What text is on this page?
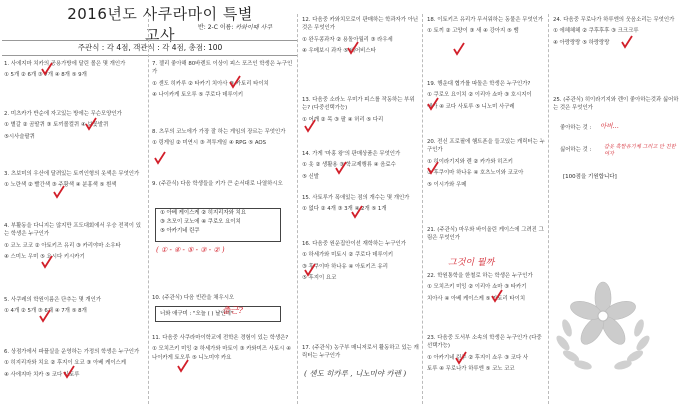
2016년도 사쿠라마이 특별고사	반: 2-C 이름: 카와이때 사쿠
주관식 : 각 4점, 객관식 : 각 4점, 총점: 100
1. 사에지마 치카의 공용가방에 달린 볼은 몇 개인가
① 5개 ② 6개 ③ 7개 ④ 8개 ⑤ 9개
2. 미츠카가 반순에 자고있는 방에는 무슨모양인가
① 별갈 ② 곰딸퀴 ③ 토끼볼컬퀴 ④ 보꽃발퀴
⑤시사슬팔퀴
3. 츠보미의 우산에 달려있는 토끼인형의 옷색은 무엇인가
① 노란색 ② 빨간색 ③ 주황색 ④ 분홍색 ⑤ 흰색
4. 부활동을 다니지는 않지만 프도대회에서 우승 전적이 있는 학생은 누구인가
① 코노 코코 ② 아토키즈 유리 ③ 카리야마 소우타
④ 스미노 우미 ⑤ 요시다 키시카기
5. 사쿠레의 학원이름은 단추는 몇 개인가
① 4개 ② 5개 ③ 6개 ④ 7개 ⑤ 8개
6. 상점가에서 파플실을 운영하는 가정의 학생은 누구인가
① 히지리자와 치요 ② 후지이 요코 ③ 아베 케이스케
④ 사에지마 치카 ⑤ 코다 사토루
7. 젤리 좋아해 80바렌트 이상이 피스 포즈인 학생은 누구인가
① 센도 히카루 ② 타카기 치아사 ③ 카토리 타이치
④ 나이카게 토오루 ⑤ 쿠로다 데루이키
8. 츠무의 코노에가 가장 잘 하는 게임의 장르는 무엇인가
① 링게임 ② 미연시 ③ 격투게임 ④ RPG ⑤ AOS
9. (주관식) 다음 학생들을 키가 큰 순서대로 나열하시오
① 아베 케이스케 ② 히지리자와 치요
③ 츠모이 코노에 ④ 쿠로오 요이치
⑤ 아카기네 린쿠
( ① - ④ - ⑤ - ③ - ② )
10. (주관식) 다음 빈칸을 채우시오
너와 애구미 : "오늘 ( ) 날인데"
출근?
11. 다음중 사쿠라마이학교에 전학온 경험이 있는 학생은?
① 모치즈키 미잉 ② 하세가와 마토이 ③ 카와미즈 사토시 ④ 나이카게 토오루 ⑤ 니노미야 카요
12. 다음중 카와치모로이 판매하는 학과자가 아닌 것은 무엇인가
① 완두콩과자 ② 용돌아월리 ③ 라우세
④ 우메보시 과자 ⑤ 베어비스타
13. 다음중 소라노 우미가 피스를 작동하는 부위는? (다중선택가능)
① 어깨 ② 목 ③ 팔 ④ 허리 ⑤ 다리
14. 가게 '마홍 왕'의 판매상품은 무엇인가
① 옷 ② 생활용 ③ 학교제행류 ④ 음료수
⑤ 신발
15. 사토루가 폭애있는 점의 개수는 몇 개인가
① 없다 ② 4개 ③ 3개 ④ 2개 ⑤ 1개
16. 다음중 원운집안이선 재학하는 누구인가
① 하세가와 미토시 ② 쿠로다 데루이키
③ 후쿠이마 하나유 ④ 아토키즈 유리
⑤ 후지이 요코
17. (주관식) 농구부 매니저로서 활동하고 있는 캐릭터는 누구인가
( 센도 히카루 , 니노미야 카렌 )
18. 이토키즈 유리가 무서워하는 동물은 무엇인가
① 토끼 ② 고양이 ③ 새 ④ 강아지 ⑤ 뱀
19. 행운대 협가를 따돌은 학생은 누구인가?
① 쿠로오 요이치 ② 이리아 쇼마 ③ 호시지이
애가 ④ 코다 사토루 ⑤ 니노미 사구레
20. 전신 프로필에 햄트폰을 들고있는 캐릭터는 누구인가
① 히이라기지와 렌 ② 카가와 히즈키
③ 후쿠이마 하나유 ④ 호츠노이와 코코아
⑤ 이시가와 우메
21. (주관식) 마우와 바이올린 케이스에 그려진 그림은 무엇인가
그것이 뭘까
22. 학원통학을 한철로 하는 학생은 누구인가
① 모치즈키 미잉 ② 이리아 쇼마 ③ 타카기
치아사 ④ 아베 케이스케 ⑤ 카토리 타이치
23. 다음중 도서부 소속의 학생은 누구인가 (다중선택가능)
① 아카기네 린쿠 ② 후지이 쇼우 ③ 코다 사
토루 ④ 무로나가 하루엔 ⑤ 코노 코코
24. 다음중 무로나가 하루엔의 웃음소리는 무엇인가
① 에헤헤헤 ② 쿠후후후 ③ 크크크루
④ 아랑랑랑 ⑤ 하랑랑랑
25. (주관식) 히이라기지와 렌이 좋아하는것과 싫어하는 것은 무엇인가
좋아하는 것 : 아버...
싫어하는 것 : 갑옷 흑발유기체 그리고 안 친한여자
[100점을 기원합니다]
